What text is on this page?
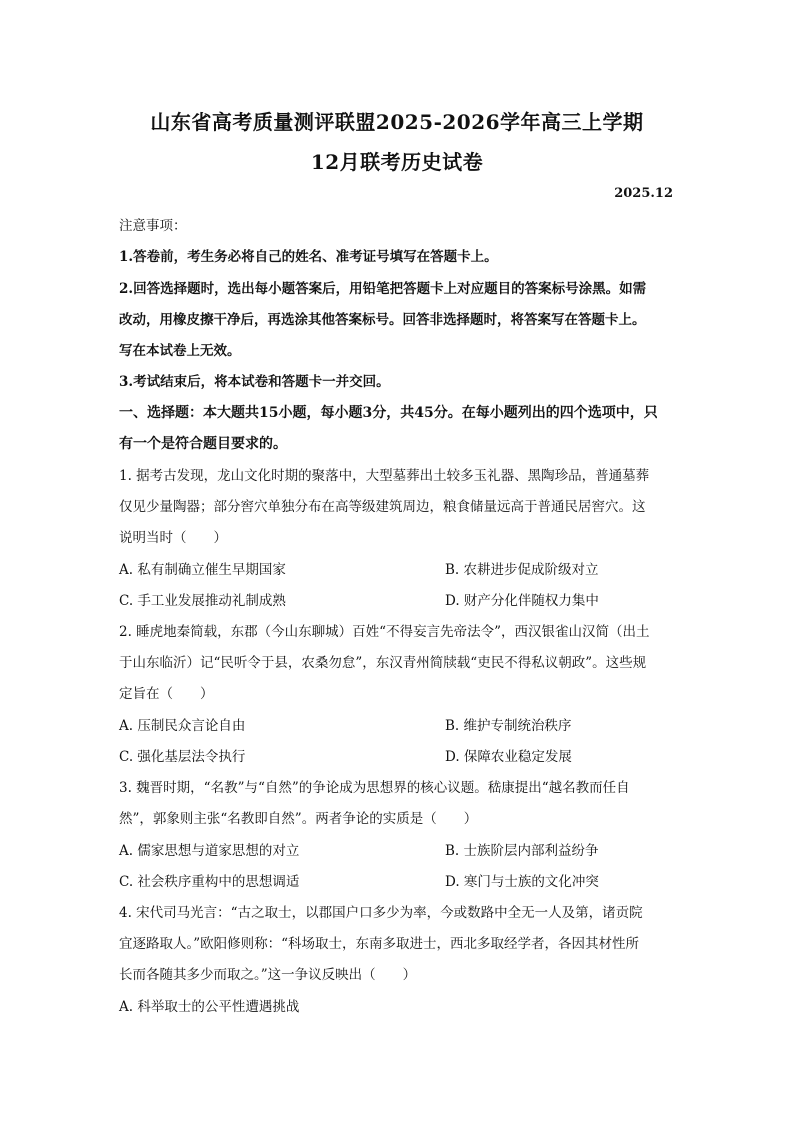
山东省高考质量测评联盟2025-2026学年高三上学期
12月联考历史试卷
2025.12
注意事项：
1.答卷前，考生务必将自己的姓名、准考证号填写在答题卡上。
2.回答选择题时，选出每小题答案后，用铅笔把答题卡上对应题目的答案标号涂黑。如需
改动，用橡皮擦干净后，再选涂其他答案标号。回答非选择题时，将答案写在答题卡上。
写在本试卷上无效。
3.考试结束后，将本试卷和答题卡一并交回。
一、选择题：本大题共15小题，每小题3分，共45分。在每小题列出的四个选项中，只
有一个是符合题目要求的。
1. 据考古发现，龙山文化时期的聚落中，大型墓葬出土较多玉礼器、黑陶珍品，普通墓葬
仅见少量陶器；部分窖穴单独分布在高等级建筑周边，粮食储量远高于普通民居窖穴。这
说明当时（　　）
A. 私有制确立催生早期国家	B. 农耕进步促成阶级对立
C. 手工业发展推动礼制成熟	D. 财产分化伴随权力集中
2. 睡虎地秦简载，东郡（今山东聊城）百姓“不得妄言先帝法令”，西汉银雀山汉简（出土
于山东临沂）记“民听令于县，农桑勿怠”，东汉青州简牍载“吏民不得私议朝政”。这些规
定旨在（　　）
A. 压制民众言论自由	B. 维护专制统治秩序
C. 强化基层法令执行	D. 保障农业稳定发展
3. 魏晋时期，“名教”与“自然”的争论成为思想界的核心议题。嵇康提出“越名教而任自
然”，郭象则主张“名教即自然”。两者争论的实质是（　　）
A. 儒家思想与道家思想的对立	B. 士族阶层内部利益纷争
C. 社会秩序重构中的思想调适	D. 寒门与士族的文化冲突
4. 宋代司马光言：“古之取士，以郡国户口多少为率，今或数路中全无一人及第，诸贡院
宜逐路取人。”欧阳修则称：“科场取士，东南多取进士，西北多取经学者，各因其材性所
长而各随其多少而取之。”这一争议反映出（　　）
A. 科举取士的公平性遭遇挑战
